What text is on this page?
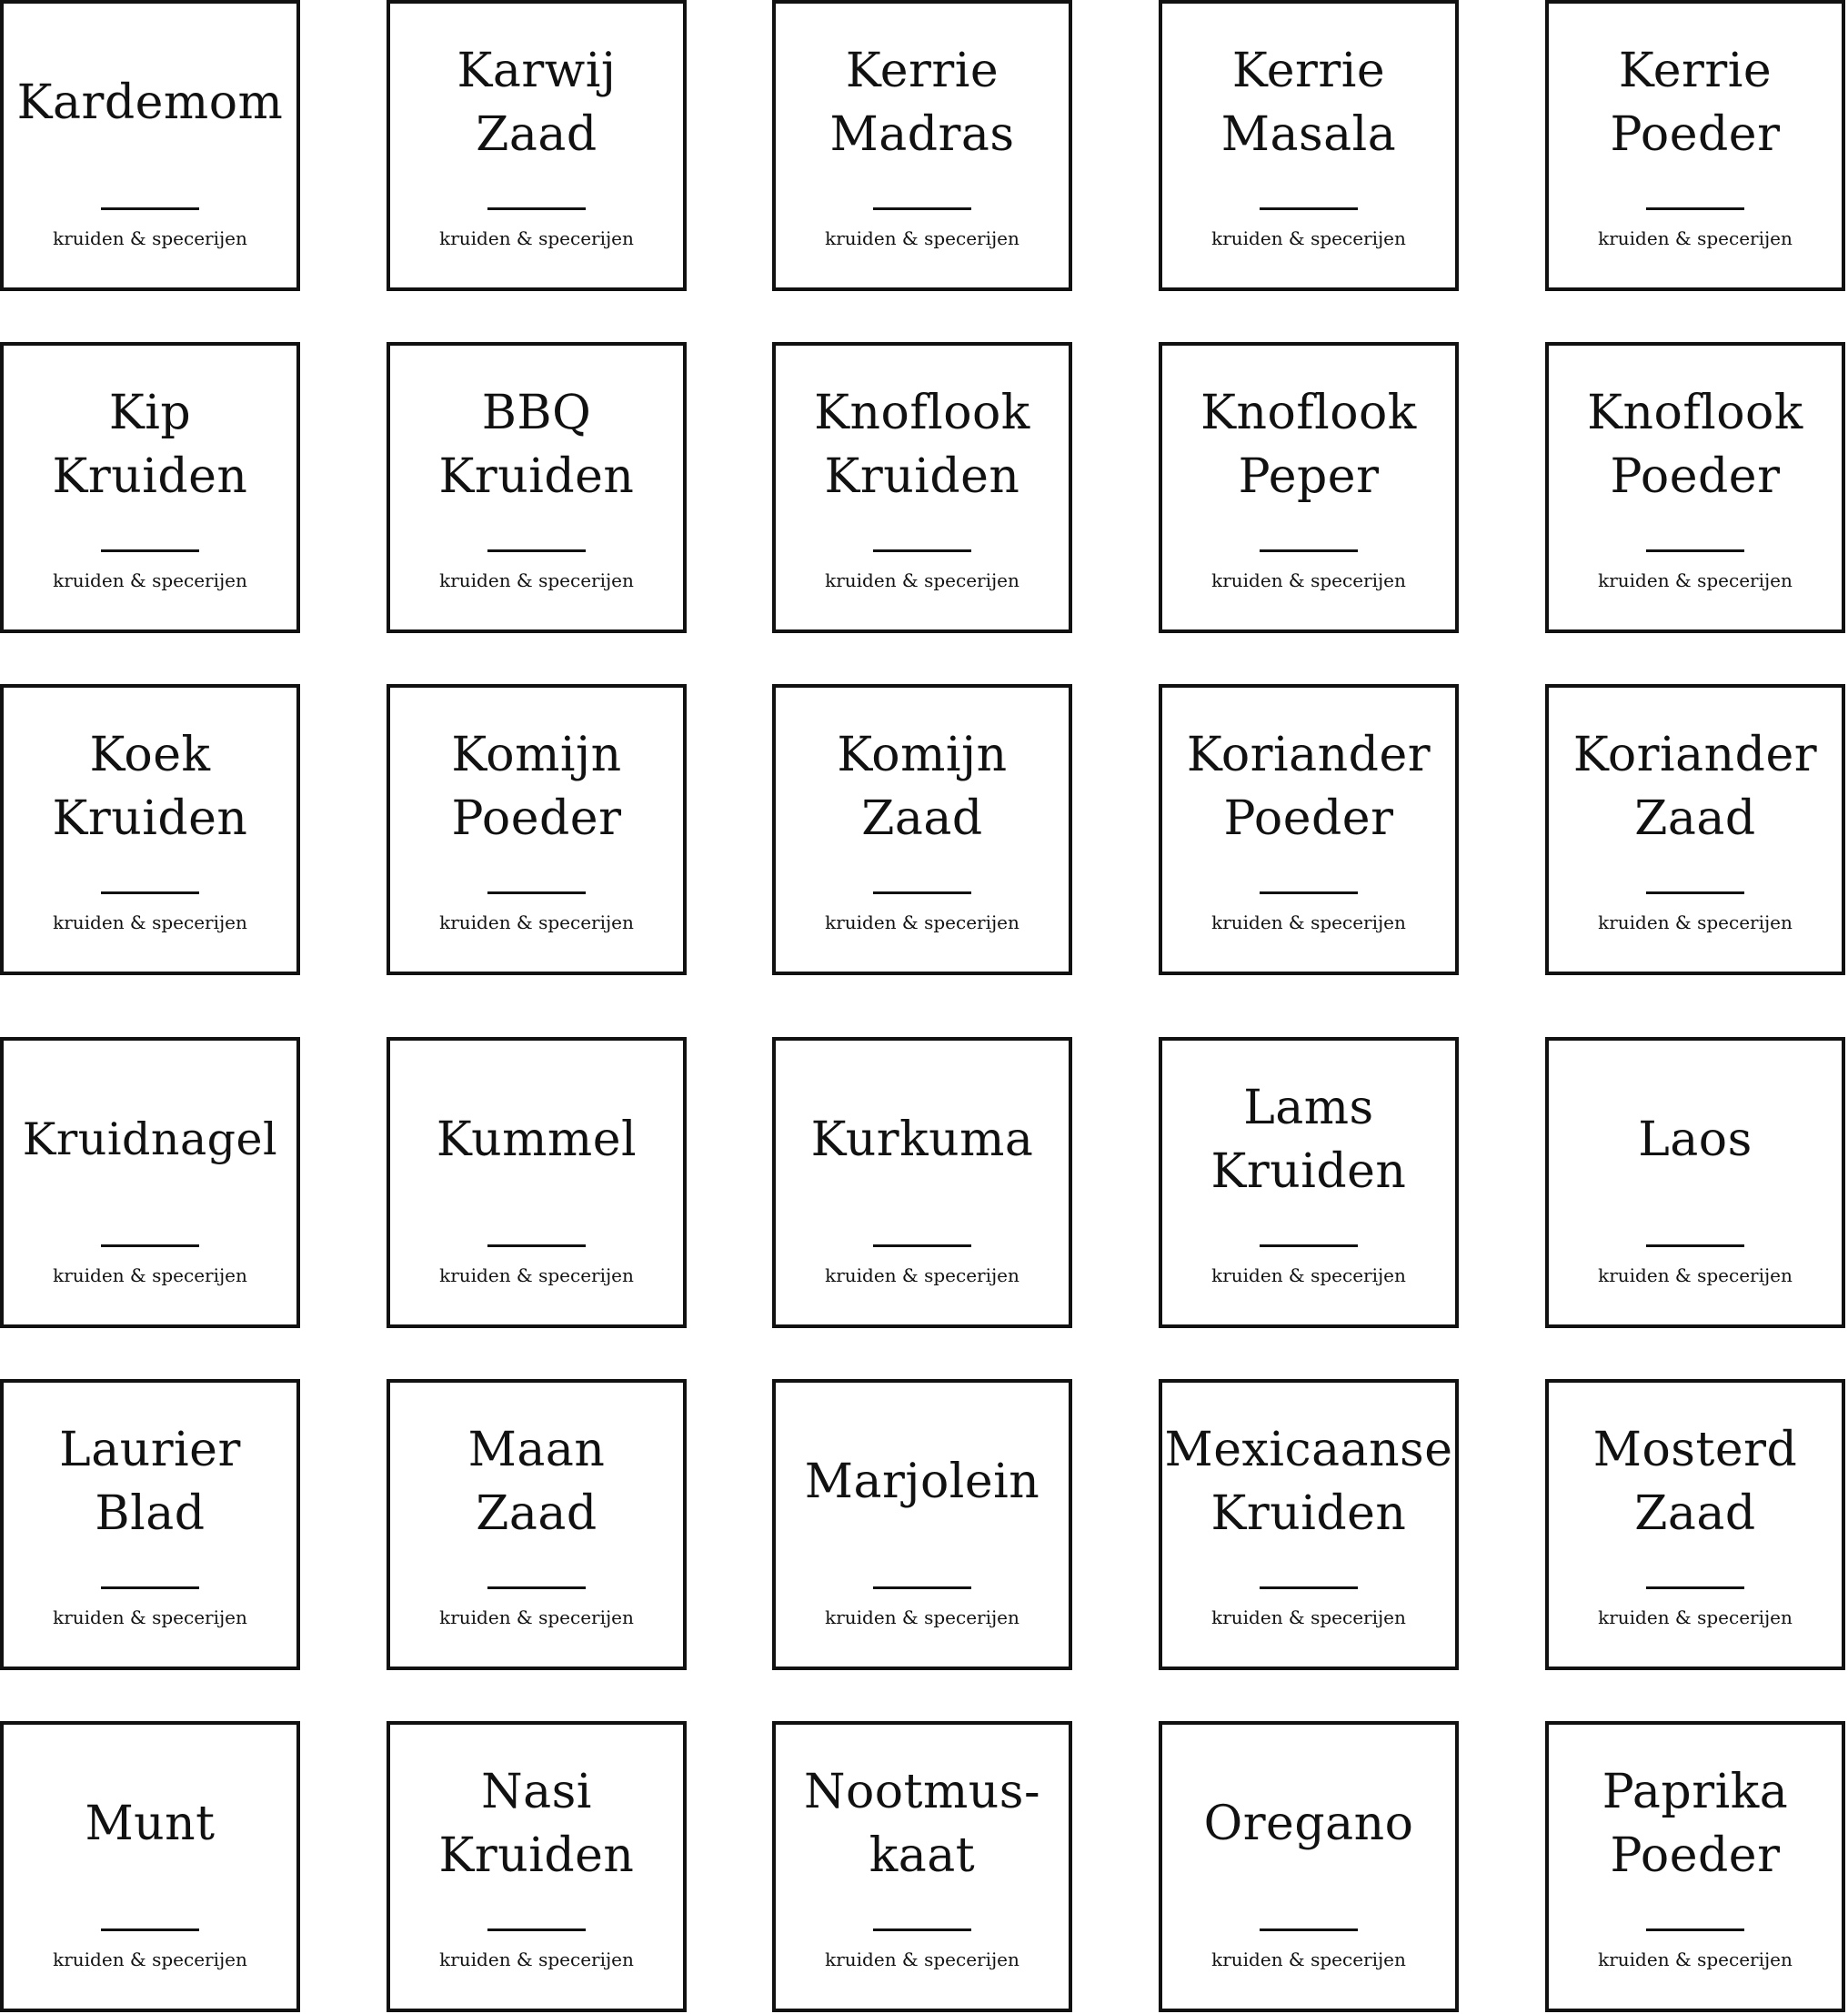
Kardemom
kruiden & specerijen
Karwij
Zaad
kruiden & specerijen
Kerrie
Madras
kruiden & specerijen
Kerrie
Masala
kruiden & specerijen
Kerrie
Poeder
kruiden & specerijen
Kip
Kruiden
kruiden & specerijen
BBQ
Kruiden
kruiden & specerijen
Knoflook
Kruiden
kruiden & specerijen
Knoflook
Peper
kruiden & specerijen
Knoflook
Poeder
kruiden & specerijen
Koek
Kruiden
kruiden & specerijen
Komijn
Poeder
kruiden & specerijen
Komijn
Zaad
kruiden & specerijen
Koriander
Poeder
kruiden & specerijen
Koriander
Zaad
kruiden & specerijen
Kruidnagel
kruiden & specerijen
Kummel
kruiden & specerijen
Kurkuma
kruiden & specerijen
Lams
Kruiden
kruiden & specerijen
Laos
kruiden & specerijen
Laurier
Blad
kruiden & specerijen
Maan
Zaad
kruiden & specerijen
Marjolein
kruiden & specerijen
Mexicaanse
Kruiden
kruiden & specerijen
Mosterd
Zaad
kruiden & specerijen
Munt
kruiden & specerijen
Nasi
Kruiden
kruiden & specerijen
Nootmus-
kaat
kruiden & specerijen
Oregano
kruiden & specerijen
Paprika
Poeder
kruiden & specerijen
